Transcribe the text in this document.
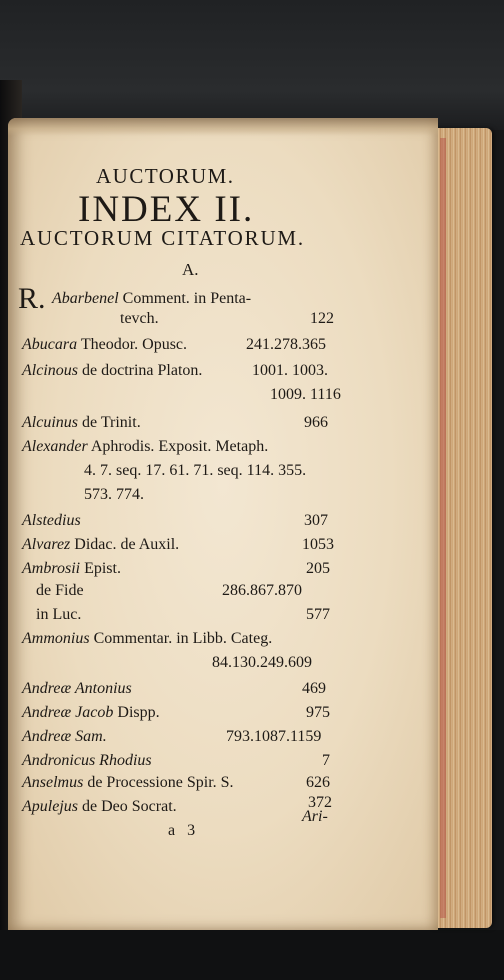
AUCTORUM.
INDEX II.
AUCTORUM CITATORUM.
A.
R. Abarbenel Comment. in Penta-
tevch.	122
Abucara Theodor. Opusc.	241.278.365
Alcinous de doctrina Platon.	1001. 1003.
1009. 1116
Alcuinus de Trinit.	966
Alexander Aphrodis. Exposit. Metaph.
4. 7. seq. 17. 61. 71. seq. 114. 355.
573. 774.
Alstedius	307
Alvarez Didac. de Auxil.	1053
Ambrosii Epist.	205
de Fide	286.867.870
in Luc.	577
Ammonius Commentar. in Libb. Categ.
84.130.249.609
Andreæ Antonius	469
Andreæ Jacob Dispp.	975
Andreæ Sam.	793.1087.1159
Andronicus Rhodius	7
Anselmus de Processione Spir. S.	626
Apulejus de Deo Socrat.	372
Ari-
a 3
